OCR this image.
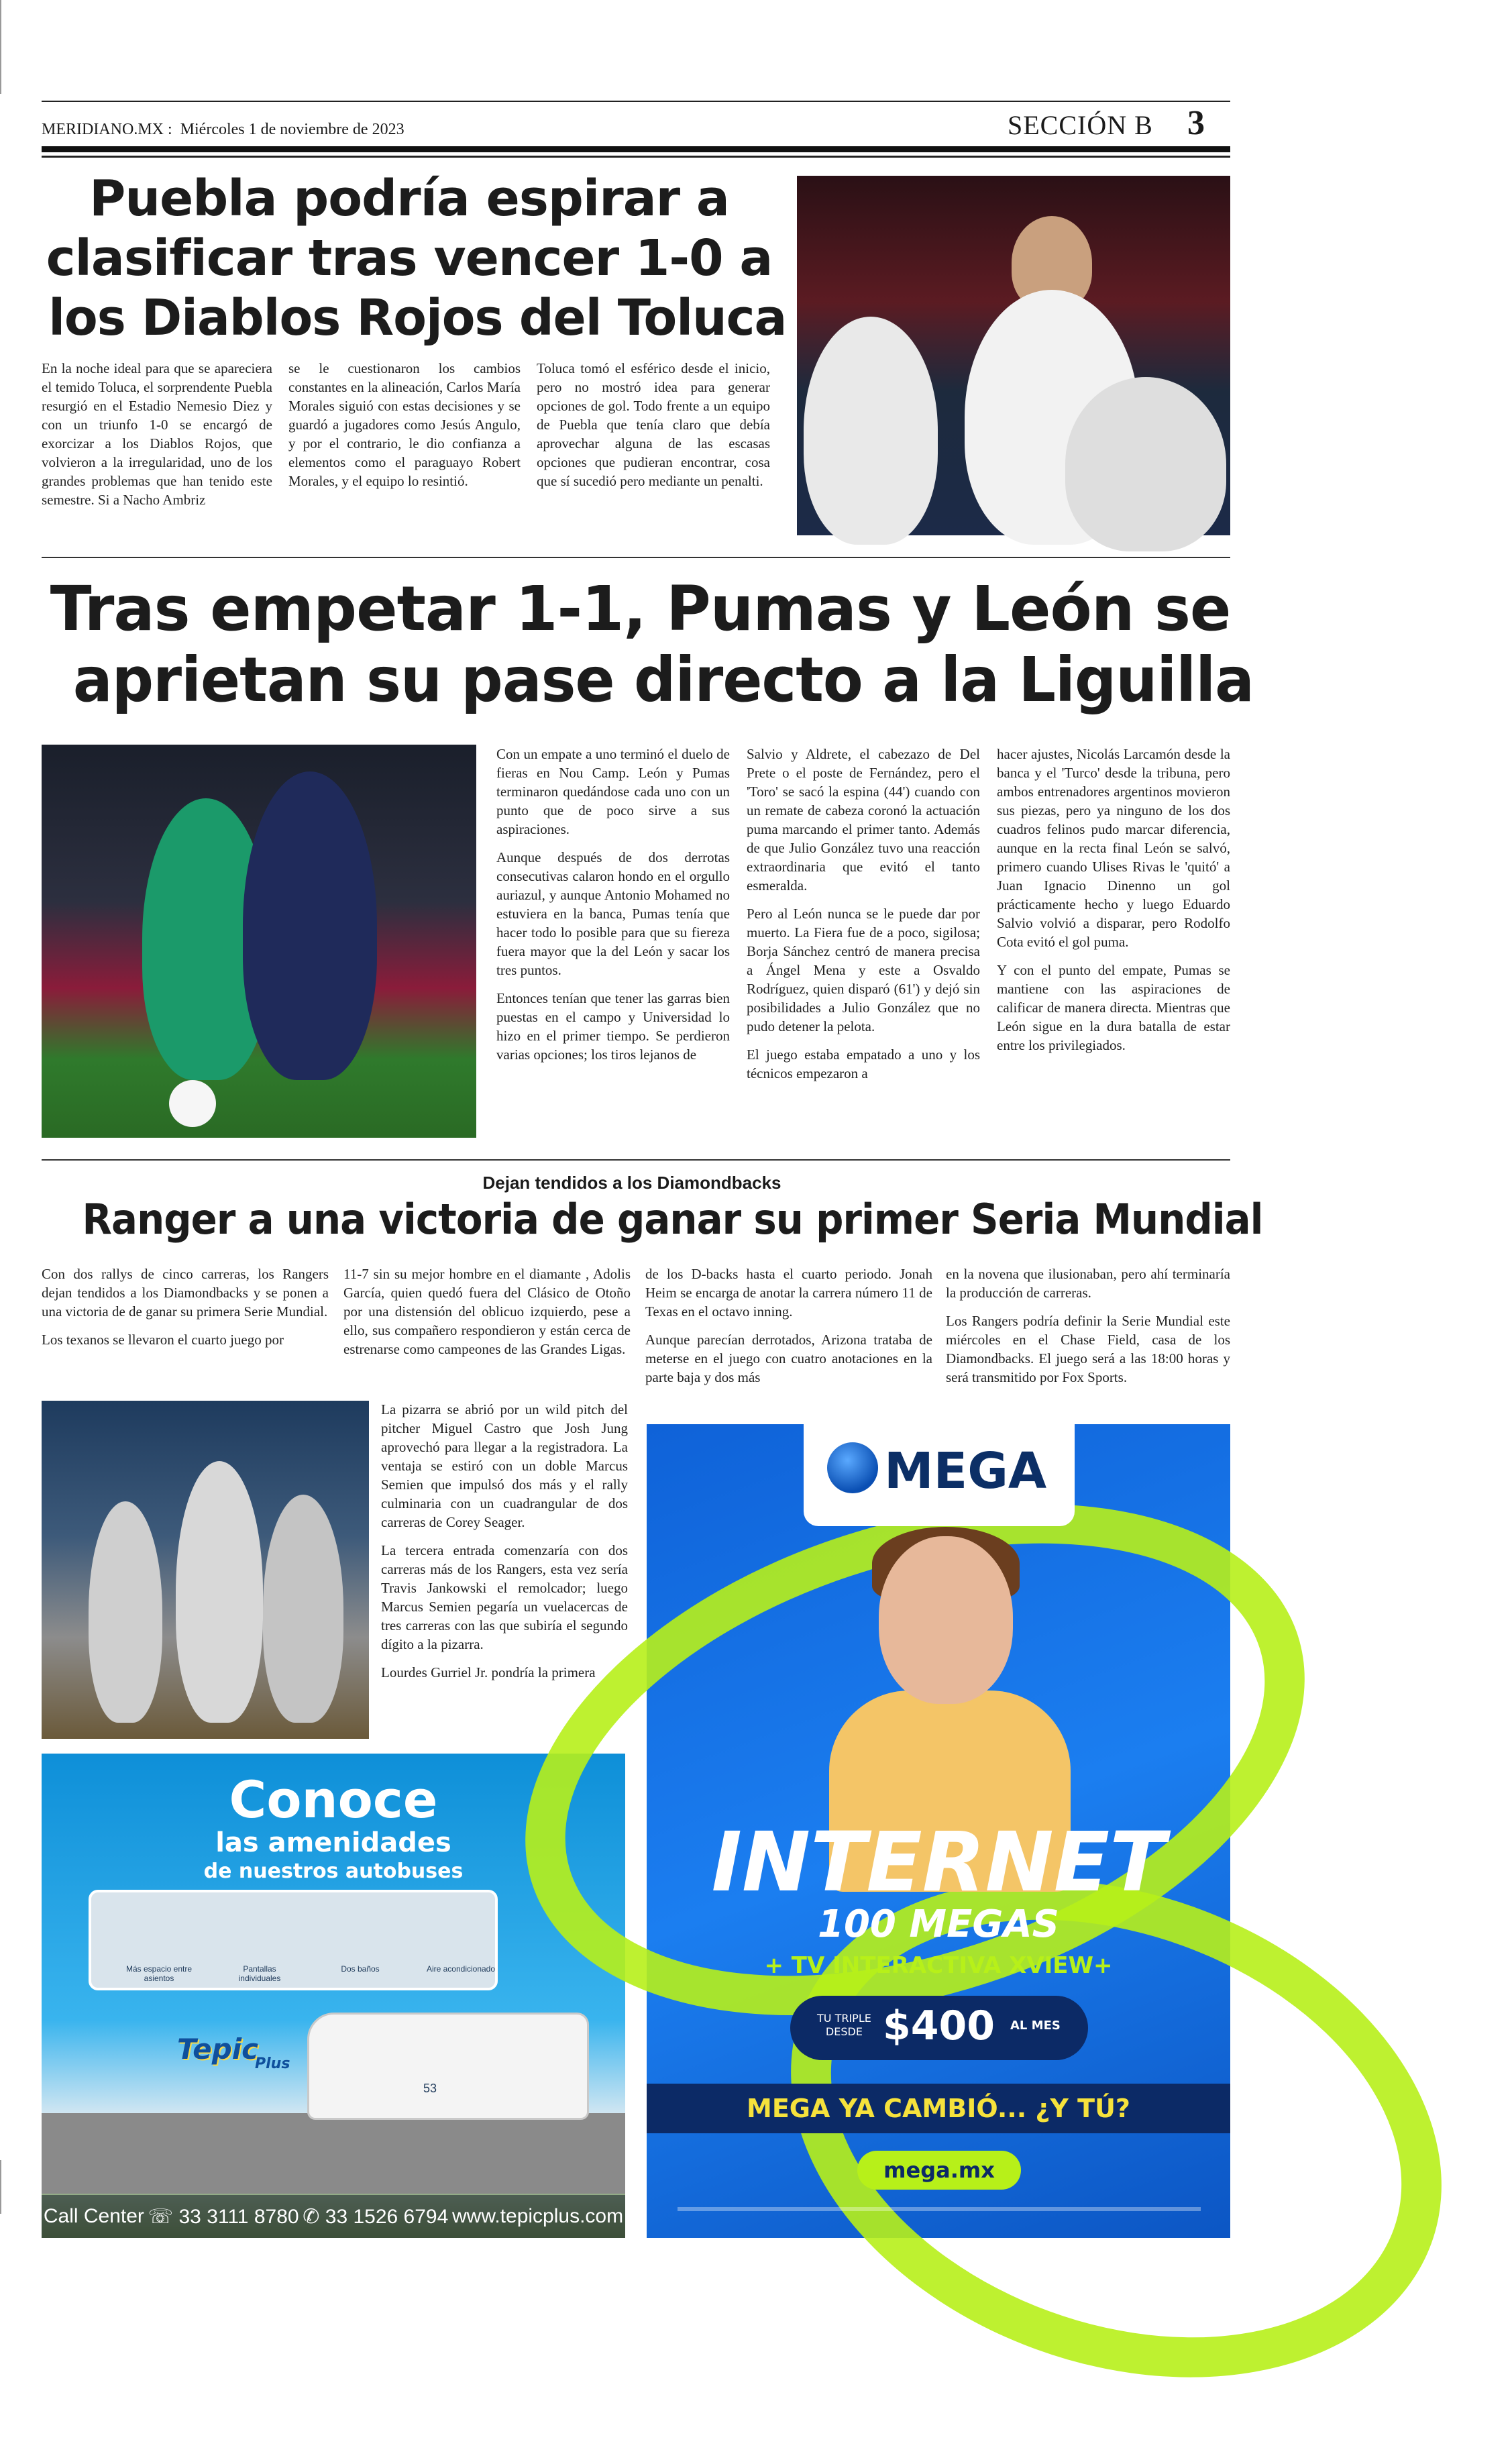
MERIDIANO.MX : Miércoles 1 de noviembre de 2023	SECCIÓN B 3
Puebla podría espirar a
clasificar tras vencer 1-0 a
los Diablos Rojos del Toluca

En la noche ideal para que se apareciera el temido Toluca, el sorprendente Puebla resurgió en el Estadio Nemesio Diez y con un triunfo 1-0 se encargó de exorcizar a los Diablos Rojos, que volvieron a la irregularidad, uno de los grandes problemas que han tenido este semestre. Si a Nacho Ambriz

se le cuestionaron los cambios constantes en la alineación, Carlos María Morales siguió con estas decisiones y se guardó a jugadores como Jesús Angulo, y por el contrario, le dio confianza a elementos como el paraguayo Robert Morales, y el equipo lo resintió.

Toluca tomó el esférico desde el inicio, pero no mostró idea para generar opciones de gol. Todo frente a un equipo de Puebla que tenía claro que debía aprovechar alguna de las escasas opciones que pudieran encontrar, cosa que sí sucedió pero mediante un penalti.

Tras empetar 1-1, Pumas y León se
aprietan su pase directo a la Liguilla

Con un empate a uno terminó el duelo de fieras en Nou Camp. León y Pumas terminaron quedándose cada uno con un punto que de poco sirve a sus aspiraciones.

Aunque después de dos derrotas consecutivas calaron hondo en el orgullo auriazul, y aunque Antonio Mohamed no estuviera en la banca, Pumas tenía que hacer todo lo posible para que su fiereza fuera mayor que la del León y sacar los tres puntos.

Entonces tenían que tener las garras bien puestas en el campo y Universidad lo hizo en el primer tiempo. Se perdieron varias opciones; los tiros lejanos de

Salvio y Aldrete, el cabezazo de Del Prete o el poste de Fernández, pero el 'Toro' se sacó la espina (44') cuando con un remate de cabeza coronó la actuación puma marcando el primer tanto. Además de que Julio González tuvo una reacción extraordinaria que evitó el tanto esmeralda.

Pero al León nunca se le puede dar por muerto. La Fiera fue de a poco, sigilosa; Borja Sánchez centró de manera precisa a Ángel Mena y este a Osvaldo Rodríguez, quien disparó (61') y dejó sin posibilidades a Julio González que no pudo detener la pelota.

El juego estaba empatado a uno y los técnicos empezaron a

hacer ajustes, Nicolás Larcamón desde la banca y el 'Turco' desde la tribuna, pero ambos entrenadores argentinos movieron sus piezas, pero ya ninguno de los dos cuadros felinos pudo marcar diferencia, aunque en la recta final León se salvó, primero cuando Ulises Rivas le 'quitó' a Juan Ignacio Dinenno un gol prácticamente hecho y luego Eduardo Salvio volvió a disparar, pero Rodolfo Cota evitó el gol puma.

Y con el punto del empate, Pumas se mantiene con las aspiraciones de calificar de manera directa. Mientras que León sigue en la dura batalla de estar entre los privilegiados.

Dejan tendidos a los Diamondbacks
Ranger a una victoria de ganar su primer Seria Mundial

Con dos rallys de cinco carreras, los Rangers dejan tendidos a los Diamondbacks y se ponen a una victoria de de ganar su primera Serie Mundial.

Los texanos se llevaron el cuarto juego por

11-7 sin su mejor hombre en el diamante , Adolis García, quien quedó fuera del Clásico de Otoño por una distensión del oblicuo izquierdo, pese a ello, sus compañero respondieron y están cerca de estrenarse como campeones de las Grandes Ligas.

de los D-backs hasta el cuarto periodo. Jonah Heim se encarga de anotar la carrera número 11 de Texas en el octavo inning.

Aunque parecían derrotados, Arizona trataba de meterse en el juego con cuatro anotaciones en la parte baja y dos más

en la novena que ilusionaban, pero ahí terminaría la producción de carreras.

Los Rangers podría definir la Serie Mundial este miércoles en el Chase Field, casa de los Diamondbacks. El juego será a las 18:00 horas y será transmitido por Fox Sports.

La pizarra se abrió por un wild pitch del pitcher Miguel Castro que Josh Jung aprovechó para llegar a la registradora. La ventaja se estiró con un doble Marcus Semien que impulsó dos más y el rally culminaria con un cuadrangular de dos carreras de Corey Seager.

La tercera entrada comenzaría con dos carreras más de los Rangers, esta vez sería Travis Jankowski el remolcador; luego Marcus Semien pegaría un vuelacercas de tres carreras con las que subiría el segundo dígito a la pizarra.

Lourdes Gurriel Jr. pondría la primera

Conoce
las amenidades
de nuestros autobuses
Más espacio entre asientos
Pantallas individuales
Dos baños	Aire acondicionado
Tepic
Plus
53
Call Center ☏ 33 3111 8780 ✆ 33 1526 6794 www.tepicplus.com
MEGA
INTERNET
100 MEGAS
+ TV INTERACTIVA XVIEW+
TU TRIPLE
DESDE $400 AL MES
MEGA YA CAMBIÓ... ¿Y TÚ?
mega.mx
